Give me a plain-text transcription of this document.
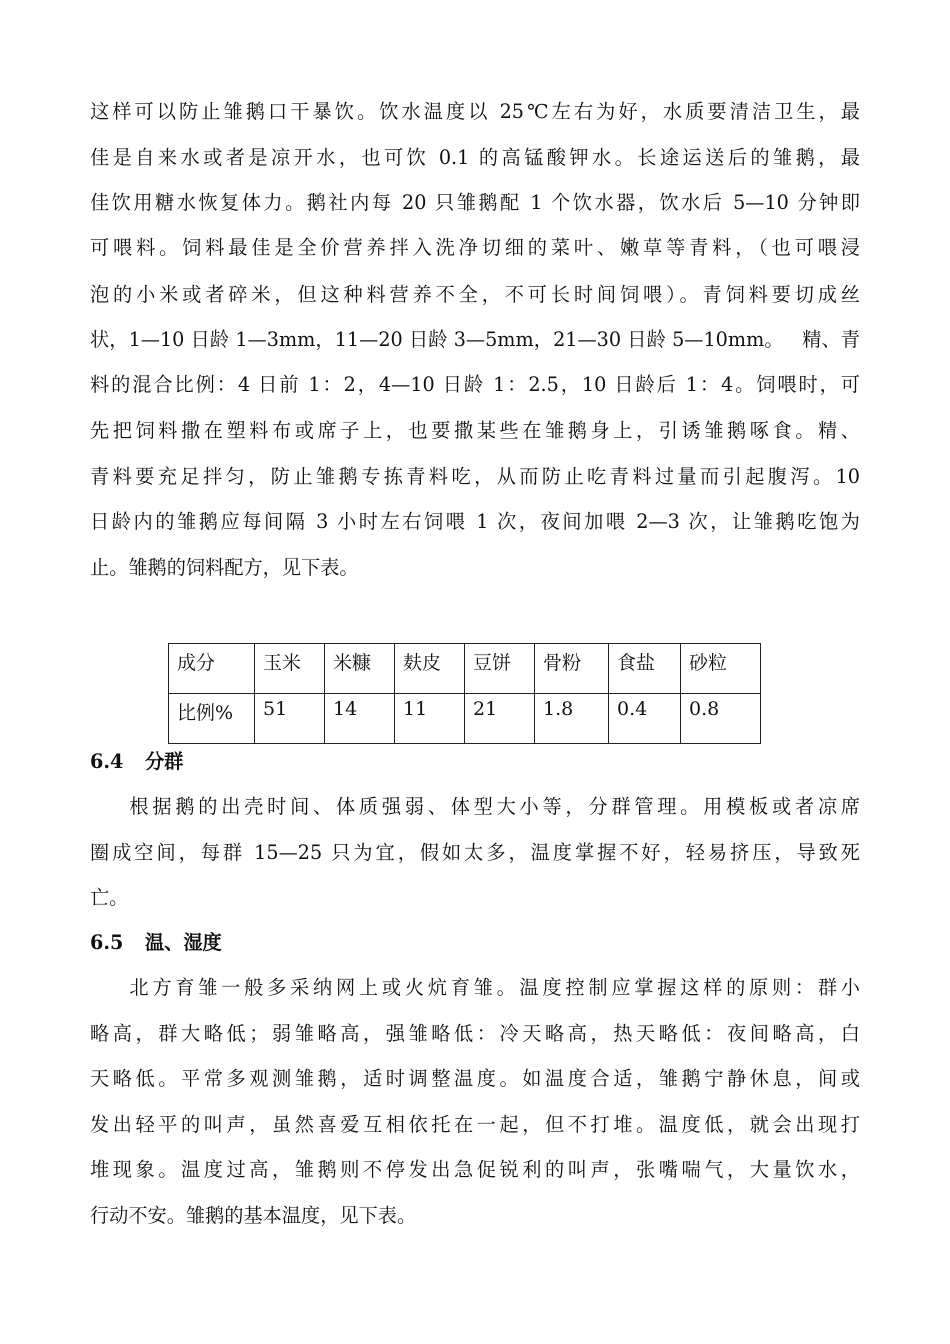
这样可以防止雏鹅口干暴饮。饮水温度以 25℃左右为好，水质要清洁卫生，最
佳是自来水或者是凉开水，也可饮 0.1 的高锰酸钾水。长途运送后的雏鹅，最
佳饮用糖水恢复体力。鹅社内每 20 只雏鹅配 1 个饮水器，饮水后 5—10 分钟即
可喂料。饲料最佳是全价营养拌入洗净切细的菜叶、嫩草等青料，（也可喂浸
泡的小米或者碎米，但这种料营养不全，不可长时间饲喂）。青饲料要切成丝
状，1—10 日龄 1—3mm，11—20 日龄 3—5mm，21—30 日龄 5—10mm。   精、青
料的混合比例：4 日前 1：2，4—10 日龄 1：2.5，10 日龄后 1：4。饲喂时，可
先把饲料撒在塑料布或席子上，也要撒某些在雏鹅身上，引诱雏鹅啄食。精、
青料要充足拌匀，防止雏鹅专拣青料吃，从而防止吃青料过量而引起腹泻。10
日龄内的雏鹅应每间隔 3 小时左右饲喂 1 次，夜间加喂 2—3 次，让雏鹅吃饱为
止。雏鹅的饲料配方，见下表。
成分	玉米	米糠	麸皮	豆饼	骨粉	食盐	砂粒
比例%	51	14	11	21	1.8	0.4	0.8
6.4 分群
根据鹅的出壳时间、体质强弱、体型大小等，分群管理。用模板或者凉席
圈成空间，每群 15—25 只为宜，假如太多，温度掌握不好，轻易挤压，导致死
亡。
6.5 温、湿度
北方育雏一般多采纳网上或火炕育雏。温度控制应掌握这样的原则：群小
略高，群大略低；弱雏略高，强雏略低：冷天略高，热天略低：夜间略高，白
天略低。平常多观测雏鹅，适时调整温度。如温度合适，雏鹅宁静休息，间或
发出轻平的叫声，虽然喜爱互相依托在一起，但不打堆。温度低，就会出现打
堆现象。温度过高，雏鹅则不停发出急促锐利的叫声，张嘴喘气，大量饮水，
行动不安。雏鹅的基本温度，见下表。
